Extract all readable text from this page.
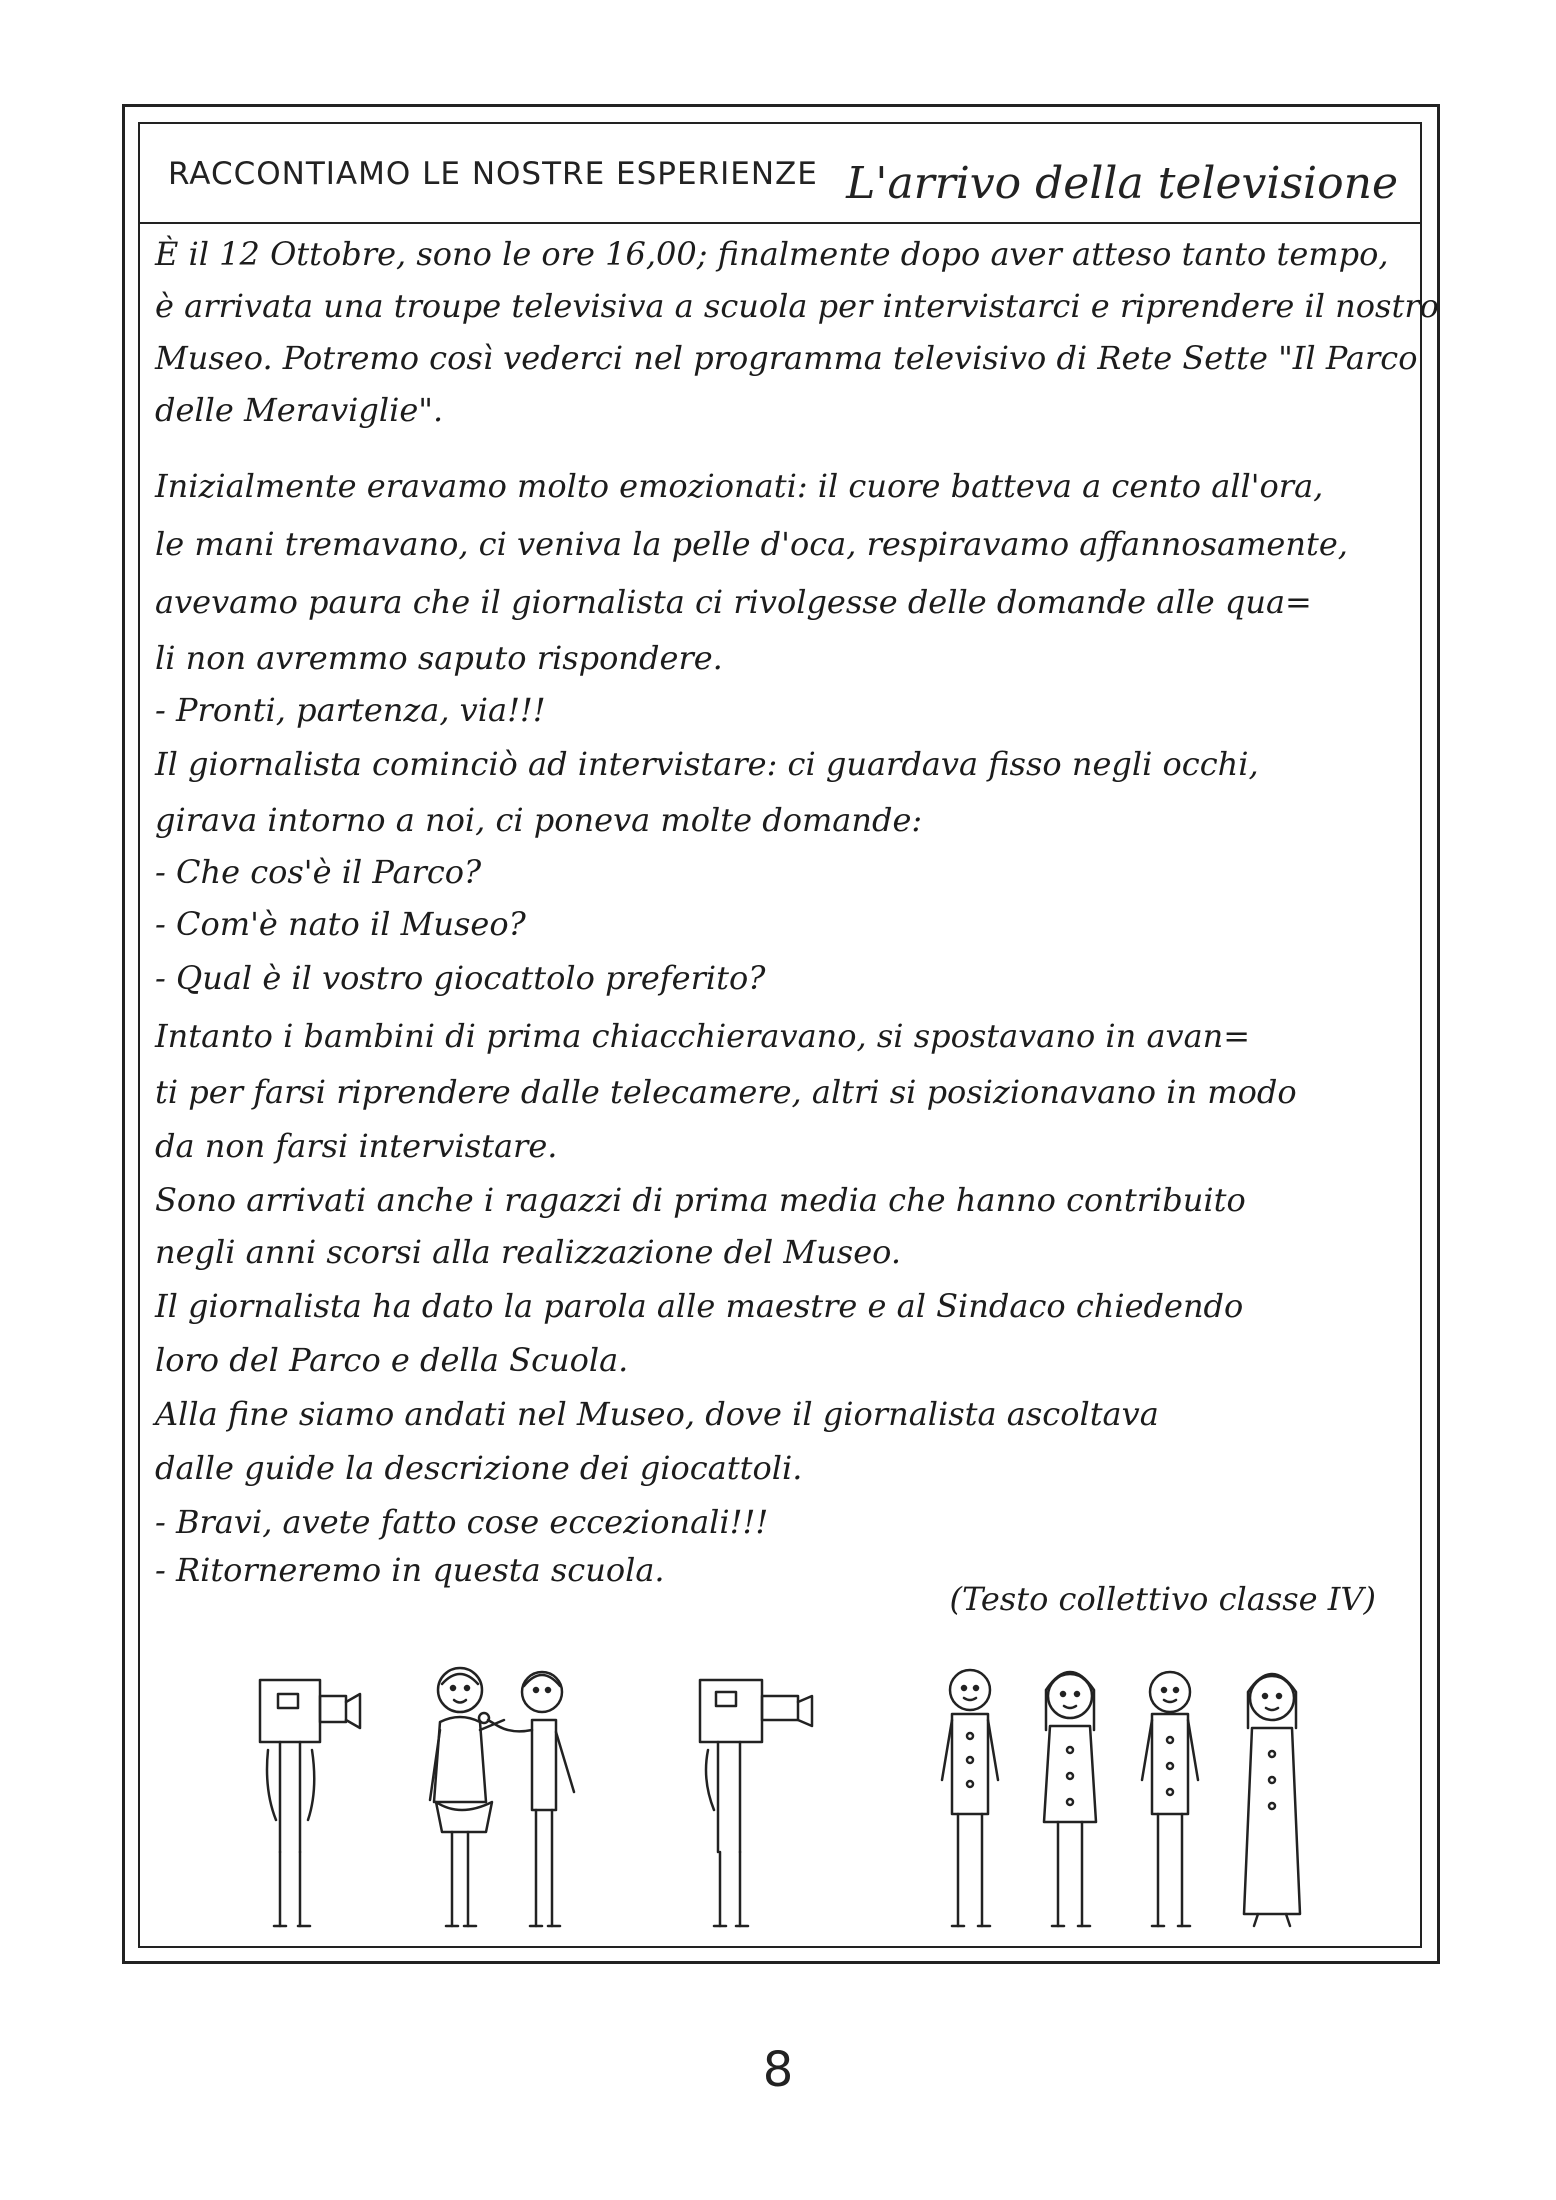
RACCONTIAMO LE NOSTRE ESPERIENZE L'arrivo della televisione
È il 12 Ottobre, sono le ore 16,00; finalmente dopo aver atteso tanto tempo,
è arrivata una troupe televisiva a scuola per intervistarci e riprendere il nostro
Museo. Potremo così vederci nel programma televisivo di Rete Sette "Il Parco
delle Meraviglie".
Inizialmente eravamo molto emozionati: il cuore batteva a cento all'ora,
le mani tremavano, ci veniva la pelle d'oca, respiravamo affannosamente,
avevamo paura che il giornalista ci rivolgesse delle domande alle qua=
li non avremmo saputo rispondere.
- Pronti, partenza, via!!!
Il giornalista cominciò ad intervistare: ci guardava fisso negli occhi,
girava intorno a noi, ci poneva molte domande:
- Che cos'è il Parco?
- Com'è nato il Museo?
- Qual è il vostro giocattolo preferito?
Intanto i bambini di prima chiacchieravano, si spostavano in avan=
ti per farsi riprendere dalle telecamere, altri si posizionavano in modo
da non farsi intervistare.
Sono arrivati anche i ragazzi di prima media che hanno contribuito
negli anni scorsi alla realizzazione del Museo.
Il giornalista ha dato la parola alle maestre e al Sindaco chiedendo
loro del Parco e della Scuola.
Alla fine siamo andati nel Museo, dove il giornalista ascoltava
dalle guide la descrizione dei giocattoli.
- Bravi, avete fatto cose eccezionali!!!
- Ritorneremo in questa scuola.
(Testo collettivo classe IV)
8
